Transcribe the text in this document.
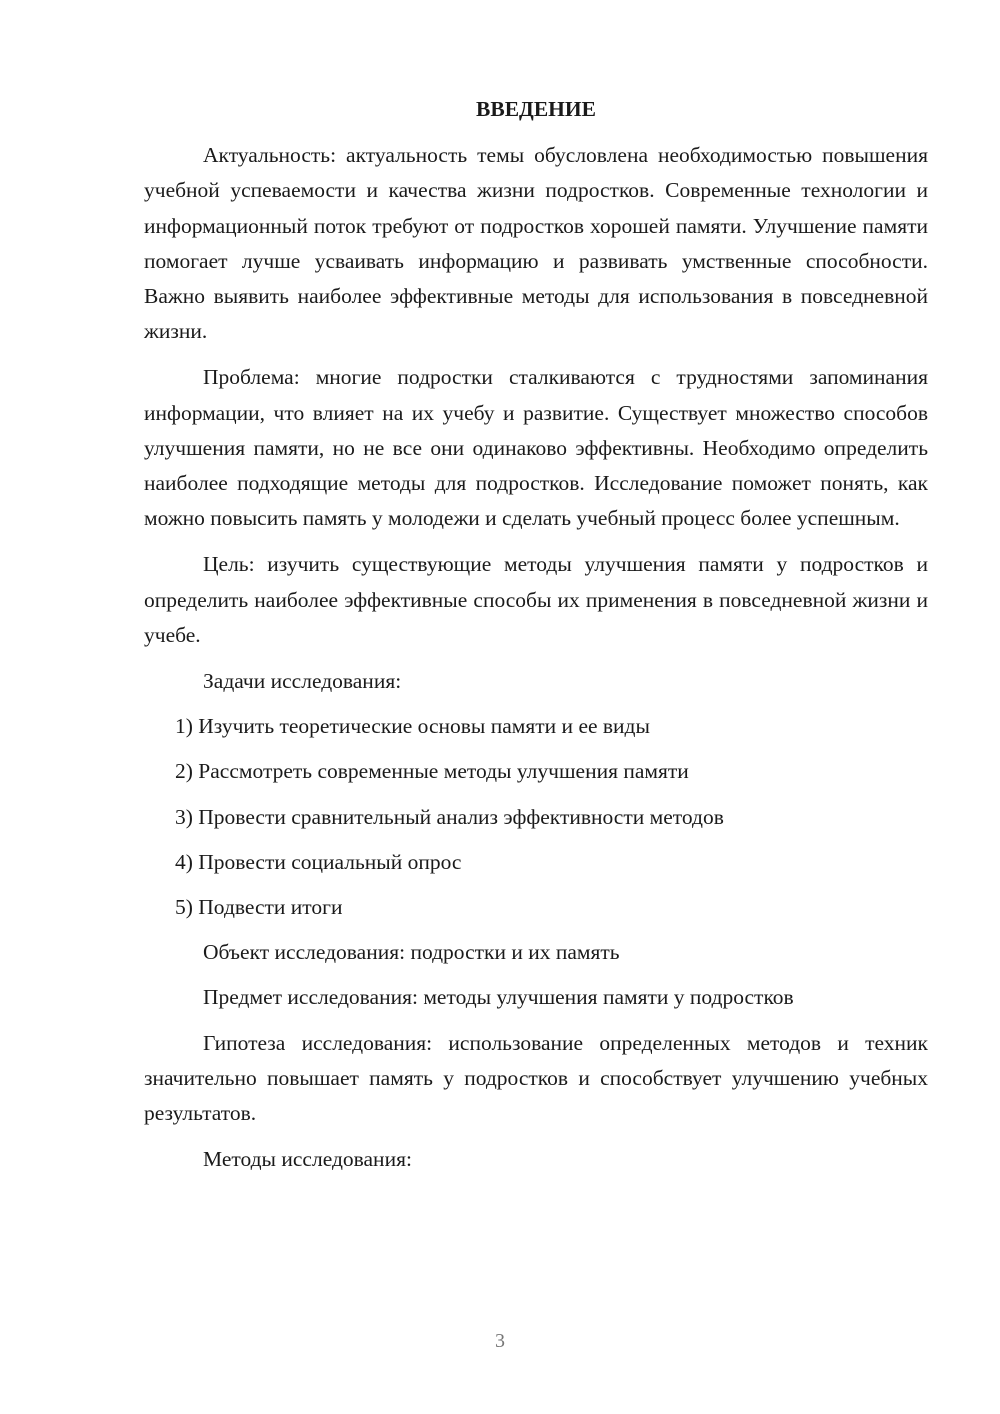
ВВЕДЕНИЕ
Актуальность: актуальность темы обусловлена необходимостью повышения учебной успеваемости и качества жизни подростков. Современные технологии и информационный поток требуют от подростков хорошей памяти. Улучшение памяти помогает лучше усваивать информацию и развивать умственные способности. Важно выявить наиболее эффективные методы для использования в повседневной жизни.
Проблема: многие подростки сталкиваются с трудностями запоминания информации, что влияет на их учебу и развитие. Существует множество способов улучшения памяти, но не все они одинаково эффективны. Необходимо определить наиболее подходящие методы для подростков. Исследование поможет понять, как можно повысить память у молодежи и сделать учебный процесс более успешным.
Цель: изучить существующие методы улучшения памяти у подростков и определить наиболее эффективные способы их применения в повседневной жизни и учебе.
Задачи исследования:
1) Изучить теоретические основы памяти и ее виды
2) Рассмотреть современные методы улучшения памяти
3) Провести сравнительный анализ эффективности методов
4) Провести социальный опрос
5) Подвести итоги
Объект исследования: подростки и их память
Предмет исследования: методы улучшения памяти у подростков
Гипотеза исследования: использование определенных методов и техник значительно повышает память у подростков и способствует улучшению учебных результатов.
Методы исследования:
3
